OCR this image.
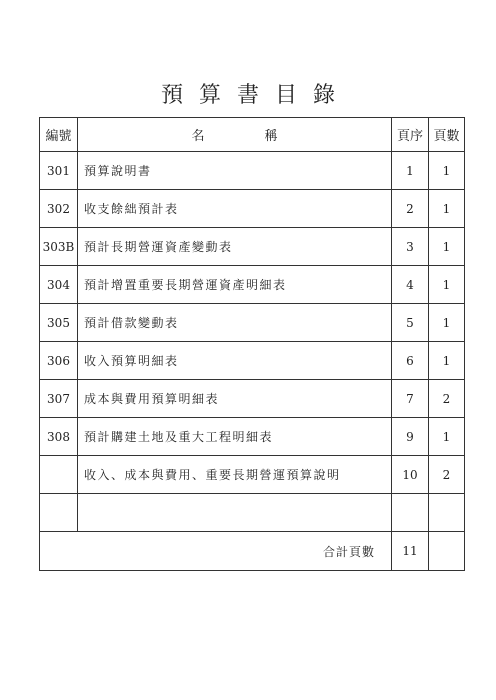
預算書目錄
編號	名稱	頁序	頁數
301	預算說明書	1	1
302	收支餘絀預計表	2	1
303B	預計長期營運資產變動表	3	1
304	預計增置重要長期營運資產明細表	4	1
305	預計借款變動表	5	1
306	收入預算明細表	6	1
307	成本與費用預算明細表	7	2
308	預計購建土地及重大工程明細表	9	1
	收入、成本與費用、重要長期營運預算說明	10	2

合計頁數		11	
